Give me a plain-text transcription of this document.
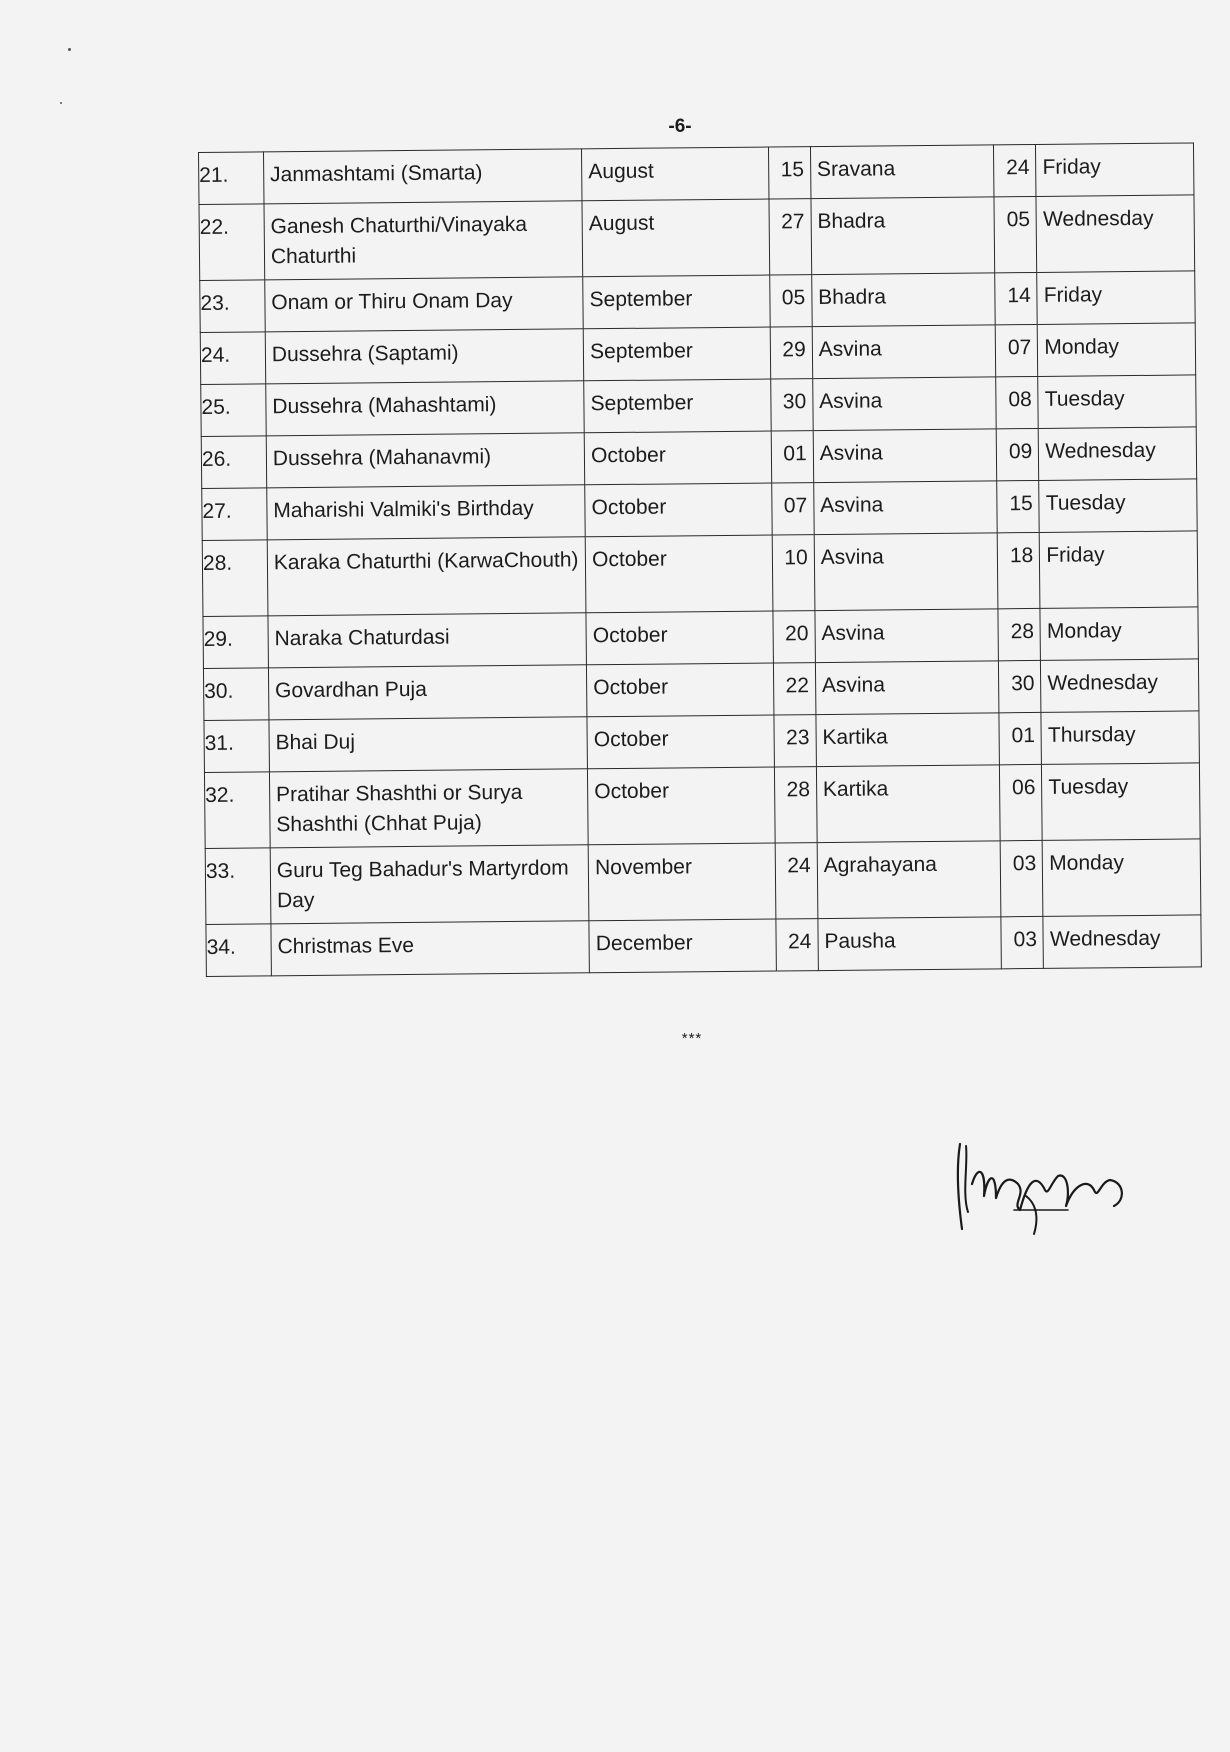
-6-
21.	Janmashtami (Smarta)	August	15	Sravana	24	Friday
22.	Ganesh Chaturthi/Vinayaka Chaturthi	August	27	Bhadra	05	Wednesday
23.	Onam or Thiru Onam Day	September	05	Bhadra	14	Friday
24.	Dussehra (Saptami)	September	29	Asvina	07	Monday
25.	Dussehra (Mahashtami)	September	30	Asvina	08	Tuesday
26.	Dussehra (Mahanavmi)	October	01	Asvina	09	Wednesday
27.	Maharishi Valmiki's Birthday	October	07	Asvina	15	Tuesday
28.	Karaka Chaturthi (KarwaChouth)	October	10	Asvina	18	Friday
29.	Naraka Chaturdasi	October	20	Asvina	28	Monday
30.	Govardhan Puja	October	22	Asvina	30	Wednesday
31.	Bhai Duj	October	23	Kartika	01	Thursday
32.	Pratihar Shashthi or Surya Shashthi (Chhat Puja)	October	28	Kartika	06	Tuesday
33.	Guru Teg Bahadur's Martyrdom Day	November	24	Agrahayana	03	Monday
34.	Christmas Eve	December	24	Pausha	03	Wednesday
***
